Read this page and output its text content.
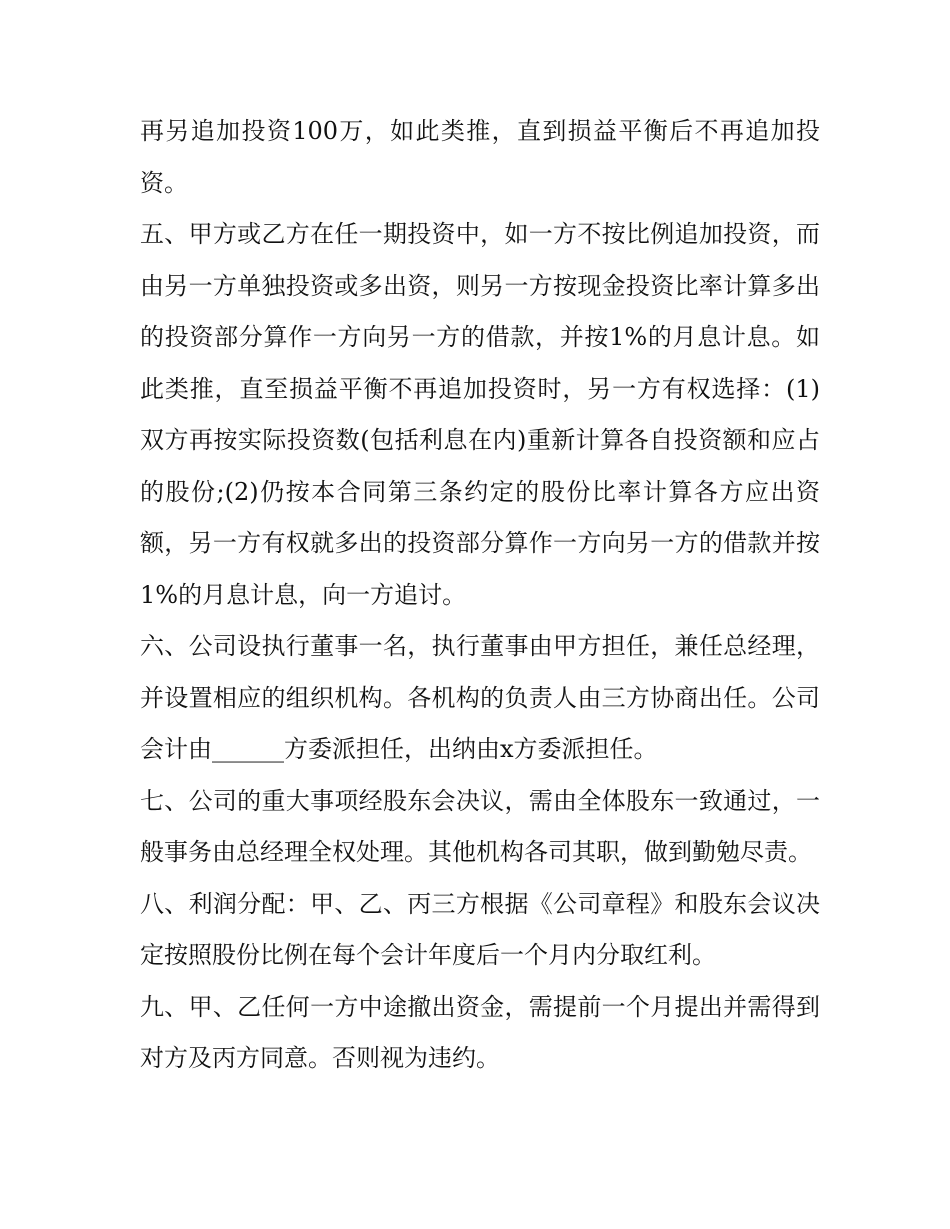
再另追加投资100万，如此类推，直到损益平衡后不再追加投资。

五、甲方或乙方在任一期投资中，如一方不按比例追加投资，而由另一方单独投资或多出资，则另一方按现金投资比率计算多出的投资部分算作一方向另一方的借款，并按1%的月息计息。如此类推，直至损益平衡不再追加投资时，另一方有权选择：(1)双方再按实际投资数(包括利息在内)重新计算各自投资额和应占的股份;(2)仍按本合同第三条约定的股份比率计算各方应出资额，另一方有权就多出的投资部分算作一方向另一方的借款并按1%的月息计息，向一方追讨。

六、公司设执行董事一名，执行董事由甲方担任，兼任总经理，并设置相应的组织机构。各机构的负责人由三方协商出任。公司会计由______方委派担任，出纳由x方委派担任。

七、公司的重大事项经股东会决议，需由全体股东一致通过，一般事务由总经理全权处理。其他机构各司其职，做到勤勉尽责。

八、利润分配：甲、乙、丙三方根据《公司章程》和股东会议决定按照股份比例在每个会计年度后一个月内分取红利。

九、甲、乙任何一方中途撤出资金，需提前一个月提出并需得到对方及丙方同意。否则视为违约。
